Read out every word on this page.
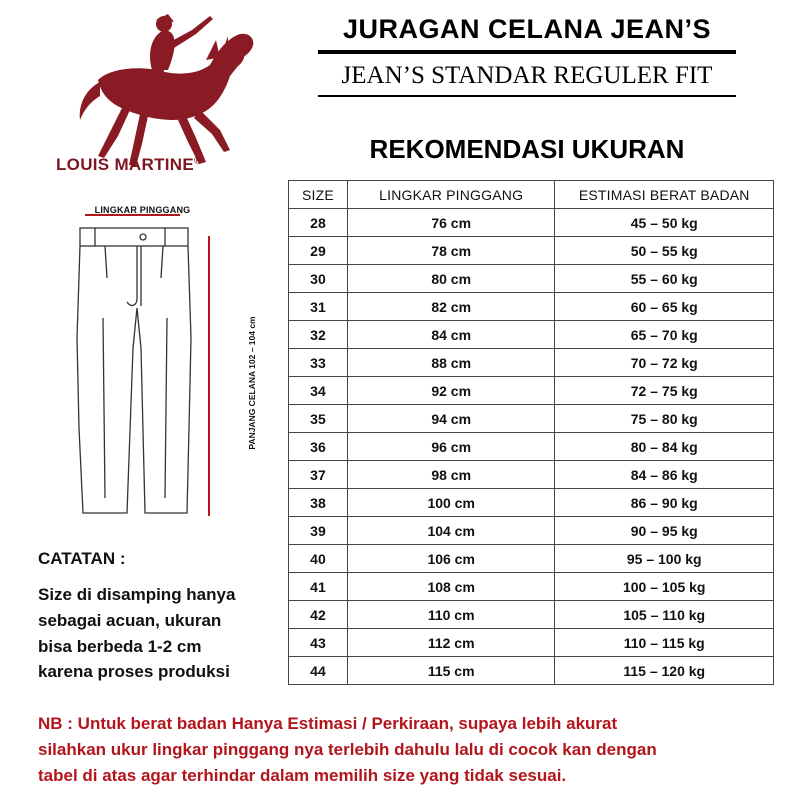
LOUIS MARTINE®
JURAGAN CELANA JEAN’S
JEAN’S STANDAR REGULER FIT
REKOMENDASI UKURAN
LINGKAR PINGGANG
PANJANG CELANA 102 – 104 cm
SIZE	LINGKAR PINGGANG	ESTIMASI BERAT BADAN
28	76 cm	45 – 50 kg
29	78 cm	50 – 55 kg
30	80 cm	55 – 60 kg
31	82 cm	60 – 65 kg
32	84 cm	65 – 70 kg
33	88 cm	70 – 72 kg
34	92 cm	72 – 75 kg
35	94 cm	75 – 80 kg
36	96 cm	80 – 84 kg
37	98 cm	84 – 86 kg
38	100 cm	86 – 90 kg
39	104 cm	90 – 95 kg
40	106 cm	95 – 100 kg
41	108 cm	100 – 105 kg
42	110 cm	105 – 110 kg
43	112 cm	110 – 115 kg
44	115 cm	115 – 120 kg
CATATAN :
Size di disamping hanya
sebagai acuan, ukuran
bisa berbeda 1-2 cm
karena proses produksi
NB : Untuk berat badan Hanya Estimasi / Perkiraan, supaya lebih akurat
silahkan ukur lingkar pinggang nya terlebih dahulu lalu di cocok kan dengan
tabel di atas agar terhindar dalam memilih size yang tidak sesuai.
